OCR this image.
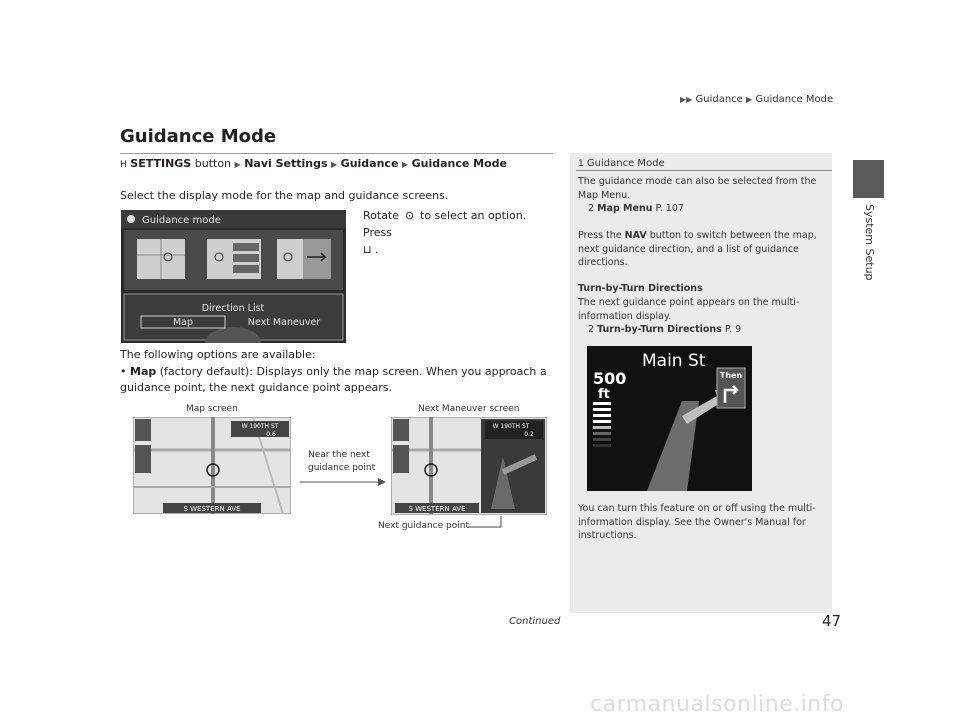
▶▶ Guidance ▶ Guidance Mode
System Setup
Guidance Mode
H SETTINGS button ▶ Navi Settings ▶ Guidance ▶ Guidance Mode
Select the display mode for the map and guidance screens.
Guidance mode
Direction List
Map	Next Maneuver
Rotate ⊙ to select an option. Press
⊔ .
The following options are available:
• Map (factory default): Displays only the map screen. When you approach a guidance point, the next guidance point appears.
Map screen	Next Maneuver screen
S WESTERN AVE
W 190TH ST
0.6
Near the next
guidance point
S WESTERN AVE
W 190TH ST
0.2
Next guidance point
1 Guidance Mode
The guidance mode can also be selected from the Map Menu.
2 Map Menu P. 107
Press the NAV button to switch between the map, next guidance direction, and a list of guidance directions.
Turn-by-Turn Directions
The next guidance point appears on the multi-information display.
2 Turn-by-Turn Directions P. 9
Main St
500
ft
Then
You can turn this feature on or off using the multi-information display. See the Owner's Manual for instructions.
Continued	47
carmanualsonline.info
